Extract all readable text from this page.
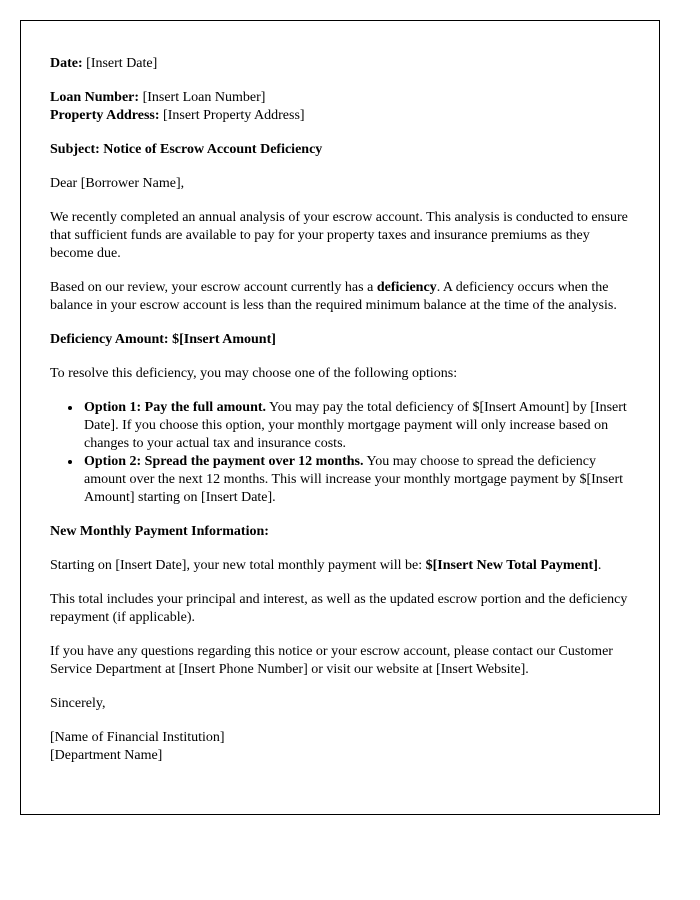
Date: [Insert Date]

Loan Number: [Insert Loan Number]
Property Address: [Insert Property Address]

Subject: Notice of Escrow Account Deficiency

Dear [Borrower Name],

We recently completed an annual analysis of your escrow account. This analysis is conducted to ensure that sufficient funds are available to pay for your property taxes and insurance premiums as they become due.

Based on our review, your escrow account currently has a deficiency. A deficiency occurs when the balance in your escrow account is less than the required minimum balance at the time of the analysis.

Deficiency Amount: $[Insert Amount]

To resolve this deficiency, you may choose one of the following options:

• Option 1: Pay the full amount. You may pay the total deficiency of $[Insert Amount] by [Insert Date]. If you choose this option, your monthly mortgage payment will only increase based on changes to your actual tax and insurance costs.
• Option 2: Spread the payment over 12 months. You may choose to spread the deficiency amount over the next 12 months. This will increase your monthly mortgage payment by $[Insert Amount] starting on [Insert Date].

New Monthly Payment Information:

Starting on [Insert Date], your new total monthly payment will be: $[Insert New Total Payment].

This total includes your principal and interest, as well as the updated escrow portion and the deficiency repayment (if applicable).

If you have any questions regarding this notice or your escrow account, please contact our Customer Service Department at [Insert Phone Number] or visit our website at [Insert Website].

Sincerely,

[Name of Financial Institution]
[Department Name]
